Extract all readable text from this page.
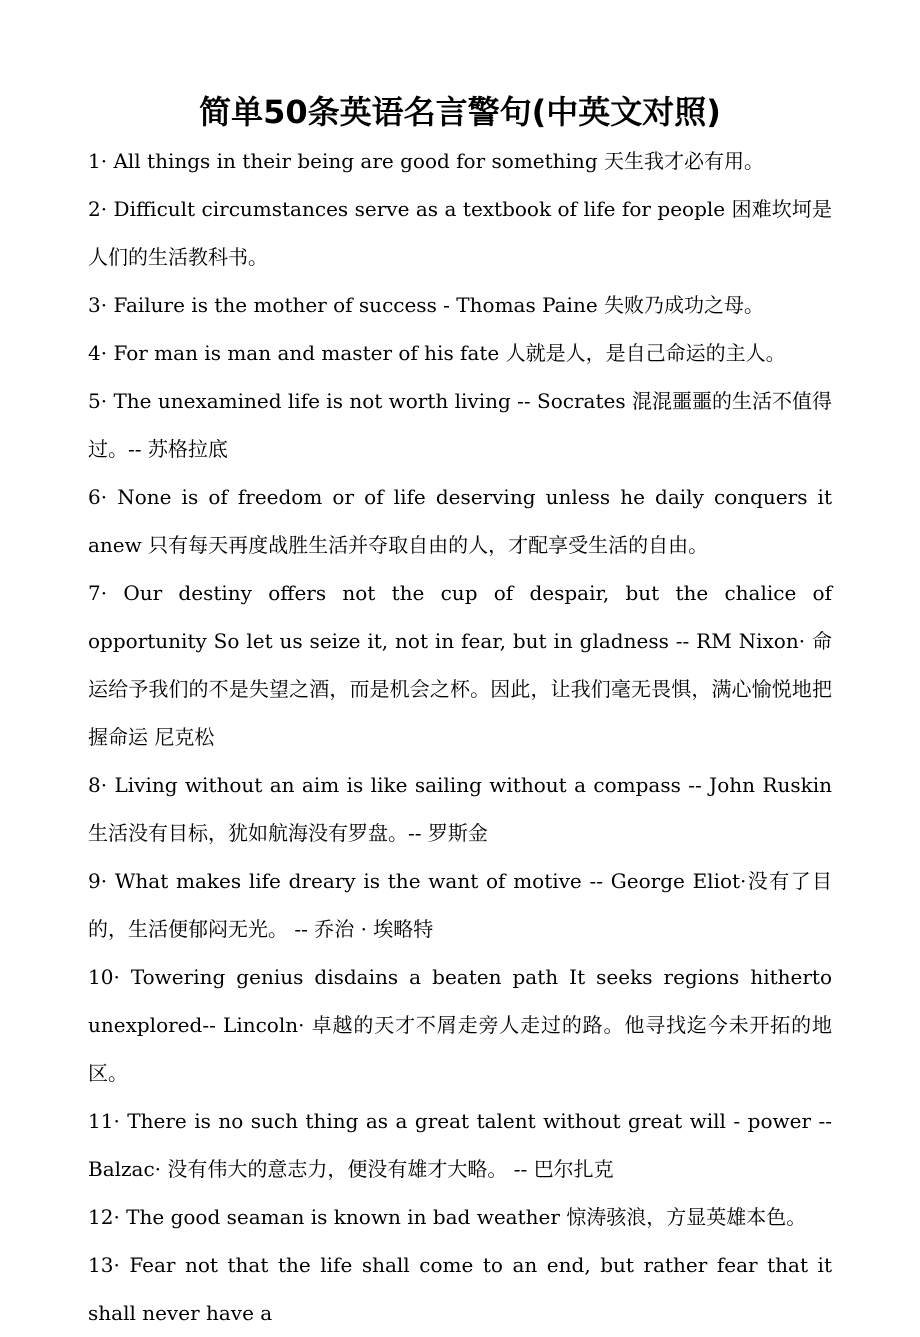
简单50条英语名言警句(中英文对照)

1· All things in their being are good for something 天生我才必有用。

2· Difficult circumstances serve as a textbook of life for people 困难坎坷是人们的生活教科书。

3· Failure is the mother of success - Thomas Paine 失败乃成功之母。

4· For man is man and master of his fate 人就是人，是自己命运的主人。

5· The unexamined life is not worth living -- Socrates 混混噩噩的生活不值得过。-- 苏格拉底

6· None is of freedom or of life deserving unless he daily conquers it anew 只有每天再度战胜生活并夺取自由的人，才配享受生活的自由。

7· Our destiny offers not the cup of despair, but the chalice of opportunity So let us seize it, not in fear, but in gladness -- RM Nixon· 命运给予我们的不是失望之酒，而是机会之杯。因此，让我们毫无畏惧，满心愉悦地把握命运 尼克松

8· Living without an aim is like sailing without a compass -- John Ruskin 生活没有目标，犹如航海没有罗盘。-- 罗斯金

9· What makes life dreary is the want of motive -- George Eliot·没有了目的，生活便郁闷无光。 -- 乔治 · 埃略特

10· Towering genius disdains a beaten path It seeks regions hitherto unexplored-- Lincoln· 卓越的天才不屑走旁人走过的路。他寻找迄今未开拓的地区。

11· There is no such thing as a great talent without great will - power -- Balzac· 没有伟大的意志力，便没有雄才大略。 -- 巴尔扎克

12· The good seaman is known in bad weather 惊涛骇浪，方显英雄本色。

13· Fear not that the life shall come to an end, but rather fear that it shall never have a
